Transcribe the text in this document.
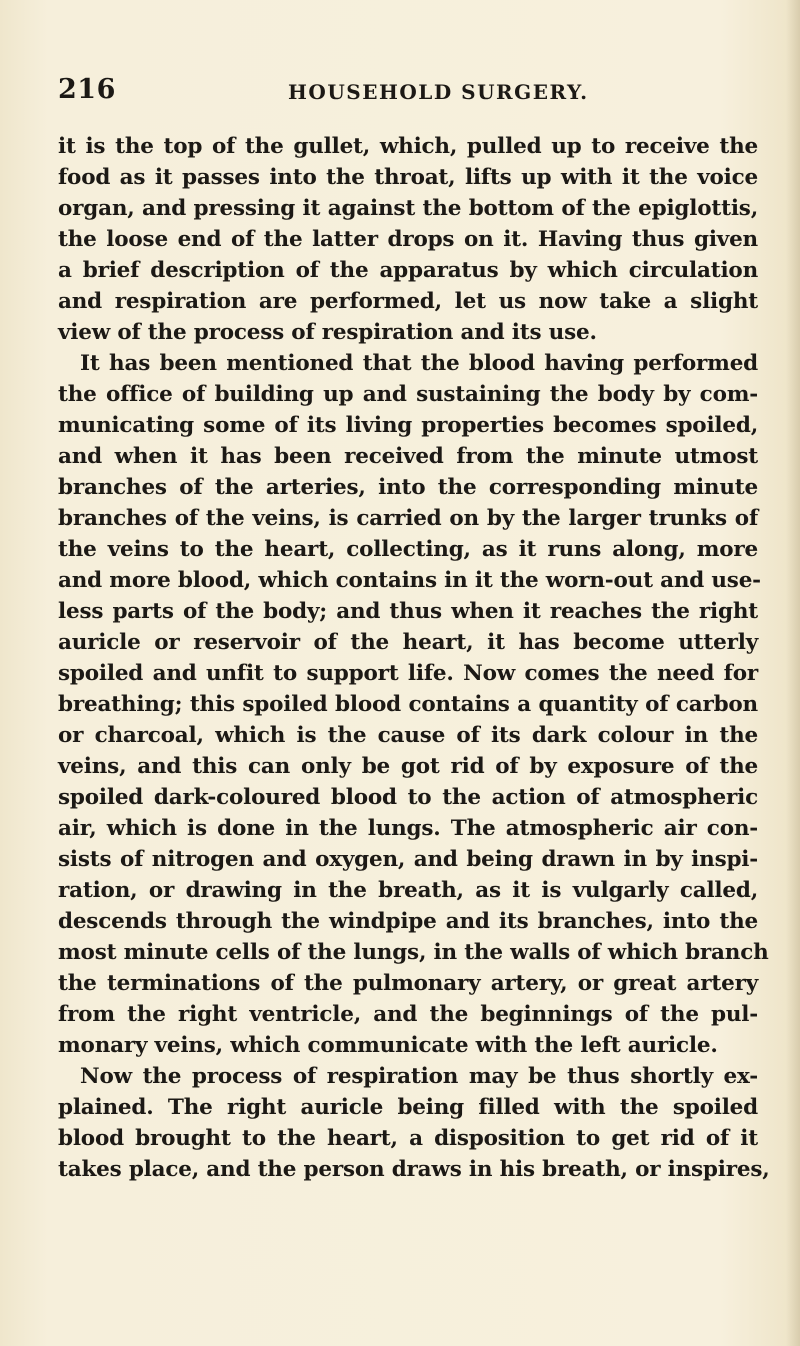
216	HOUSEHOLD SURGERY.
it is the top of the gullet, which, pulled up to receive the
food as it passes into the throat, lifts up with it the voice
organ, and pressing it against the bottom of the epiglottis,
the loose end of the latter drops on it. Having thus given
a brief description of the apparatus by which circulation
and respiration are performed, let us now take a slight
view of the process of respiration and its use.
It has been mentioned that the blood having performed
the office of building up and sustaining the body by com-
municating some of its living properties becomes spoiled,
and when it has been received from the minute utmost
branches of the arteries, into the corresponding minute
branches of the veins, is carried on by the larger trunks of
the veins to the heart, collecting, as it runs along, more
and more blood, which contains in it the worn-out and use-
less parts of the body; and thus when it reaches the right
auricle or reservoir of the heart, it has become utterly
spoiled and unfit to support life. Now comes the need for
breathing; this spoiled blood contains a quantity of carbon
or charcoal, which is the cause of its dark colour in the
veins, and this can only be got rid of by exposure of the
spoiled dark-coloured blood to the action of atmospheric
air, which is done in the lungs. The atmospheric air con-
sists of nitrogen and oxygen, and being drawn in by inspi-
ration, or drawing in the breath, as it is vulgarly called,
descends through the windpipe and its branches, into the
most minute cells of the lungs, in the walls of which branch
the terminations of the pulmonary artery, or great artery
from the right ventricle, and the beginnings of the pul-
monary veins, which communicate with the left auricle.
Now the process of respiration may be thus shortly ex-
plained. The right auricle being filled with the spoiled
blood brought to the heart, a disposition to get rid of it
takes place, and the person draws in his breath, or inspires,
